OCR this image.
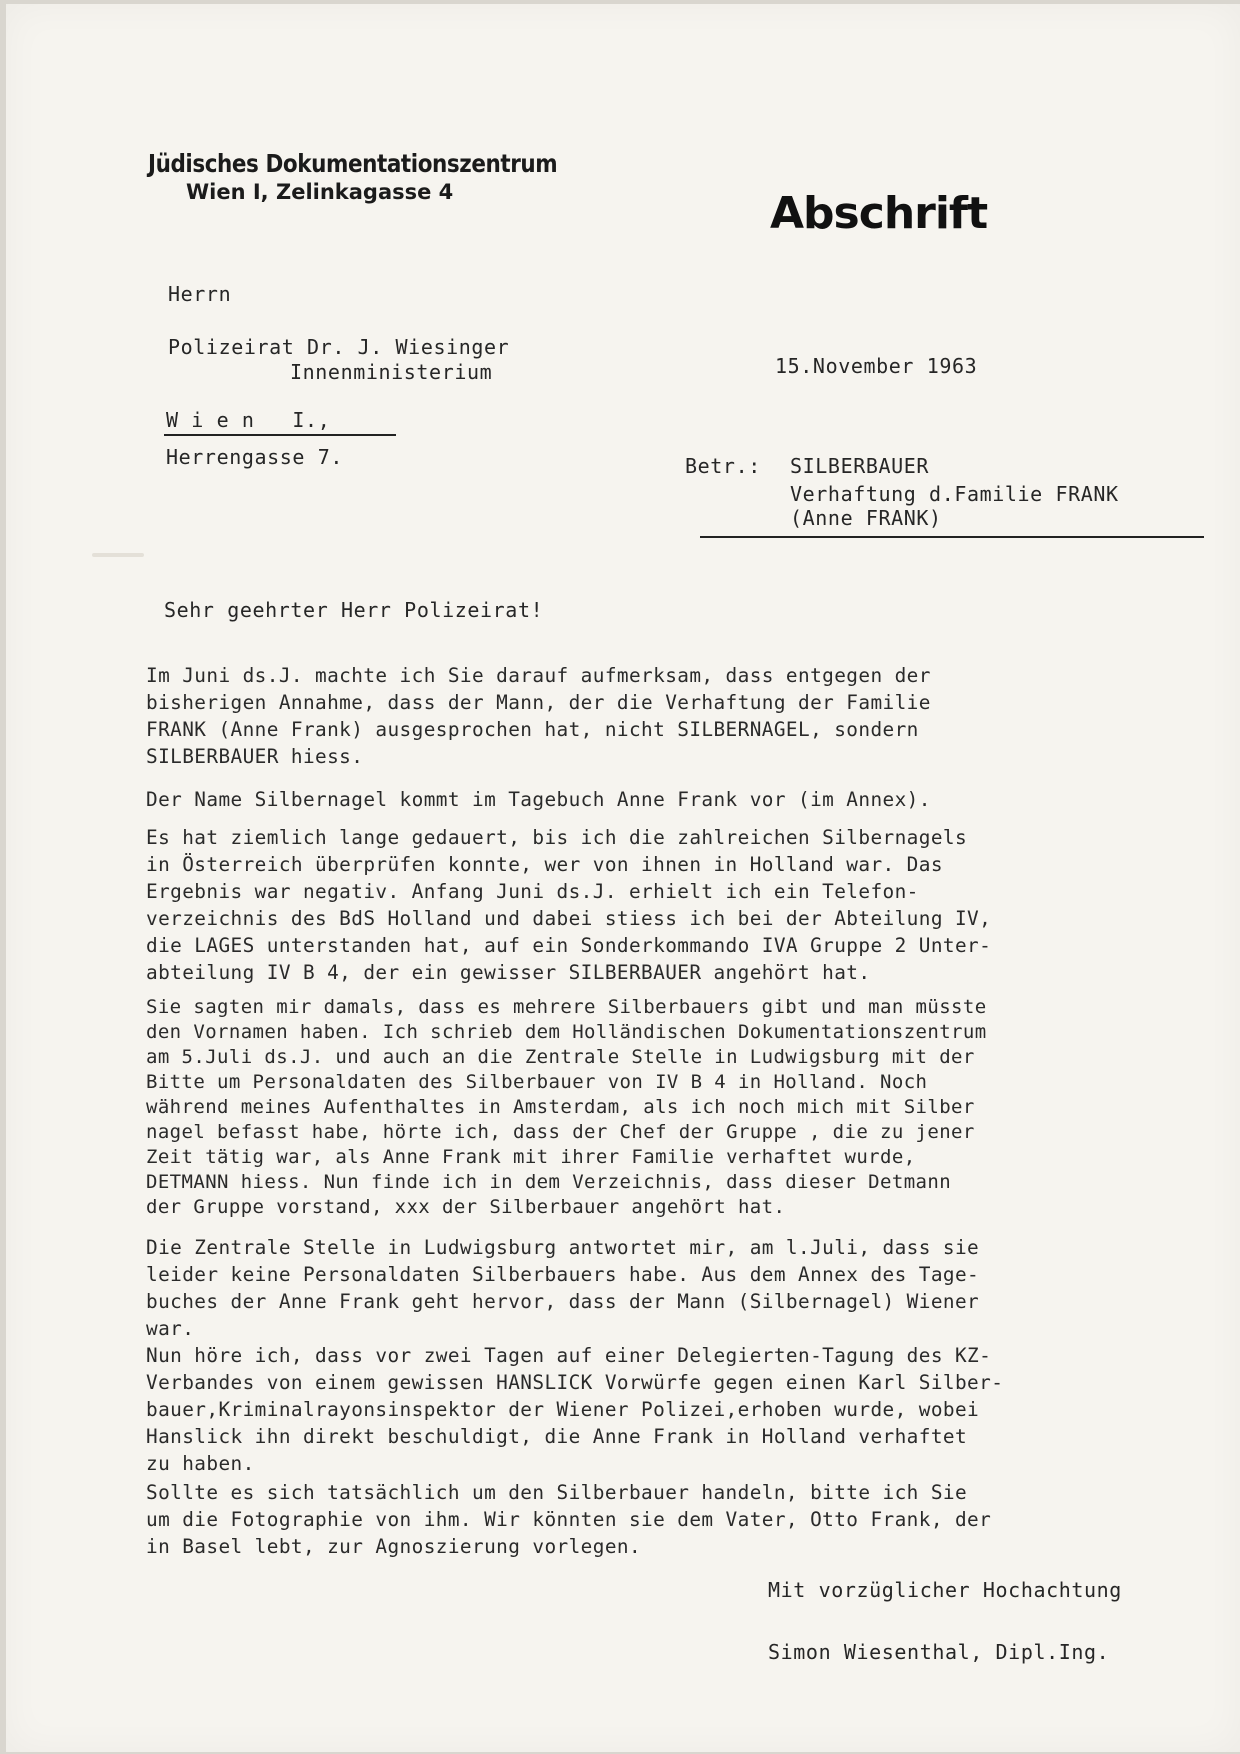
Jüdisches Dokumentationszentrum
Wien I, Zelinkagasse 4	Abschrift
Herrn
Polizeirat Dr. J. Wiesinger
Innenministerium
W i e n   I.,
Herrengasse 7.
15.November 1963
Betr.: SILBERBAUER
Verhaftung d.Familie FRANK
(Anne FRANK)
Sehr geehrter Herr Polizeirat!
Im Juni ds.J. machte ich Sie darauf aufmerksam, dass entgegen der
bisherigen Annahme, dass der Mann, der die Verhaftung der Familie
FRANK (Anne Frank) ausgesprochen hat, nicht SILBERNAGEL, sondern
SILBERBAUER hiess.
Der Name Silbernagel kommt im Tagebuch Anne Frank vor (im Annex).
Es hat ziemlich lange gedauert, bis ich die zahlreichen Silbernagels
in Österreich überprüfen konnte, wer von ihnen in Holland war. Das
Ergebnis war negativ. Anfang Juni ds.J. erhielt ich ein Telefon-
verzeichnis des BdS Holland und dabei stiess ich bei der Abteilung IV,
die LAGES unterstanden hat, auf ein Sonderkommando IVA Gruppe 2 Unter-
abteilung IV B 4, der ein gewisser SILBERBAUER angehört hat.
Sie sagten mir damals, dass es mehrere Silberbauers gibt und man müsste
den Vornamen haben. Ich schrieb dem Holländischen Dokumentationszentrum
am 5.Juli ds.J. und auch an die Zentrale Stelle in Ludwigsburg mit der
Bitte um Personaldaten des Silberbauer von IV B 4 in Holland. Noch
während meines Aufenthaltes in Amsterdam, als ich noch mich mit Silber
nagel befasst habe, hörte ich, dass der Chef der Gruppe , die zu jener
Zeit tätig war, als Anne Frank mit ihrer Familie verhaftet wurde,
DETMANN hiess. Nun finde ich in dem Verzeichnis, dass dieser Detmann
der Gruppe vorstand, xxx der Silberbauer angehört hat.
Die Zentrale Stelle in Ludwigsburg antwortet mir, am l.Juli, dass sie
leider keine Personaldaten Silberbauers habe. Aus dem Annex des Tage-
buches der Anne Frank geht hervor, dass der Mann (Silbernagel) Wiener
war.
Nun höre ich, dass vor zwei Tagen auf einer Delegierten-Tagung des KZ-
Verbandes von einem gewissen HANSLICK Vorwürfe gegen einen Karl Silber-
bauer,Kriminalrayonsinspektor der Wiener Polizei,erhoben wurde, wobei
Hanslick ihn direkt beschuldigt, die Anne Frank in Holland verhaftet
zu haben.
Sollte es sich tatsächlich um den Silberbauer handeln, bitte ich Sie
um die Fotographie von ihm. Wir könnten sie dem Vater, Otto Frank, der
in Basel lebt, zur Agnoszierung vorlegen.
Mit vorzüglicher Hochachtung
Simon Wiesenthal, Dipl.Ing.
